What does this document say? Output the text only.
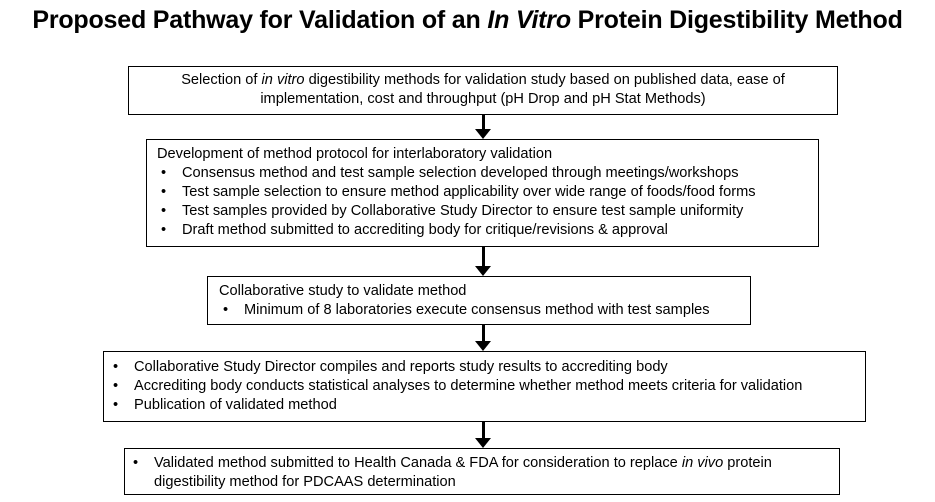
Proposed Pathway for Validation of an In Vitro Protein Digestibility Method
Selection of in vitro digestibility methods for validation study based on published data, ease of
implementation, cost and throughput (pH Drop and pH Stat Methods)
Development of method protocol for interlaboratory validation
• Consensus method and test sample selection developed through meetings/workshops
• Test sample selection to ensure method applicability over wide range of foods/food forms
• Test samples provided by Collaborative Study Director to ensure test sample uniformity
• Draft method submitted to accrediting body for critique/revisions & approval
Collaborative study to validate method
• Minimum of 8 laboratories execute consensus method with test samples
• Collaborative Study Director compiles and reports study results to accrediting body
• Accrediting body conducts statistical analyses to determine whether method meets criteria for validation
• Publication of validated method
• Validated method submitted to Health Canada & FDA for consideration to replace in vivo protein
digestibility method for PDCAAS determination
